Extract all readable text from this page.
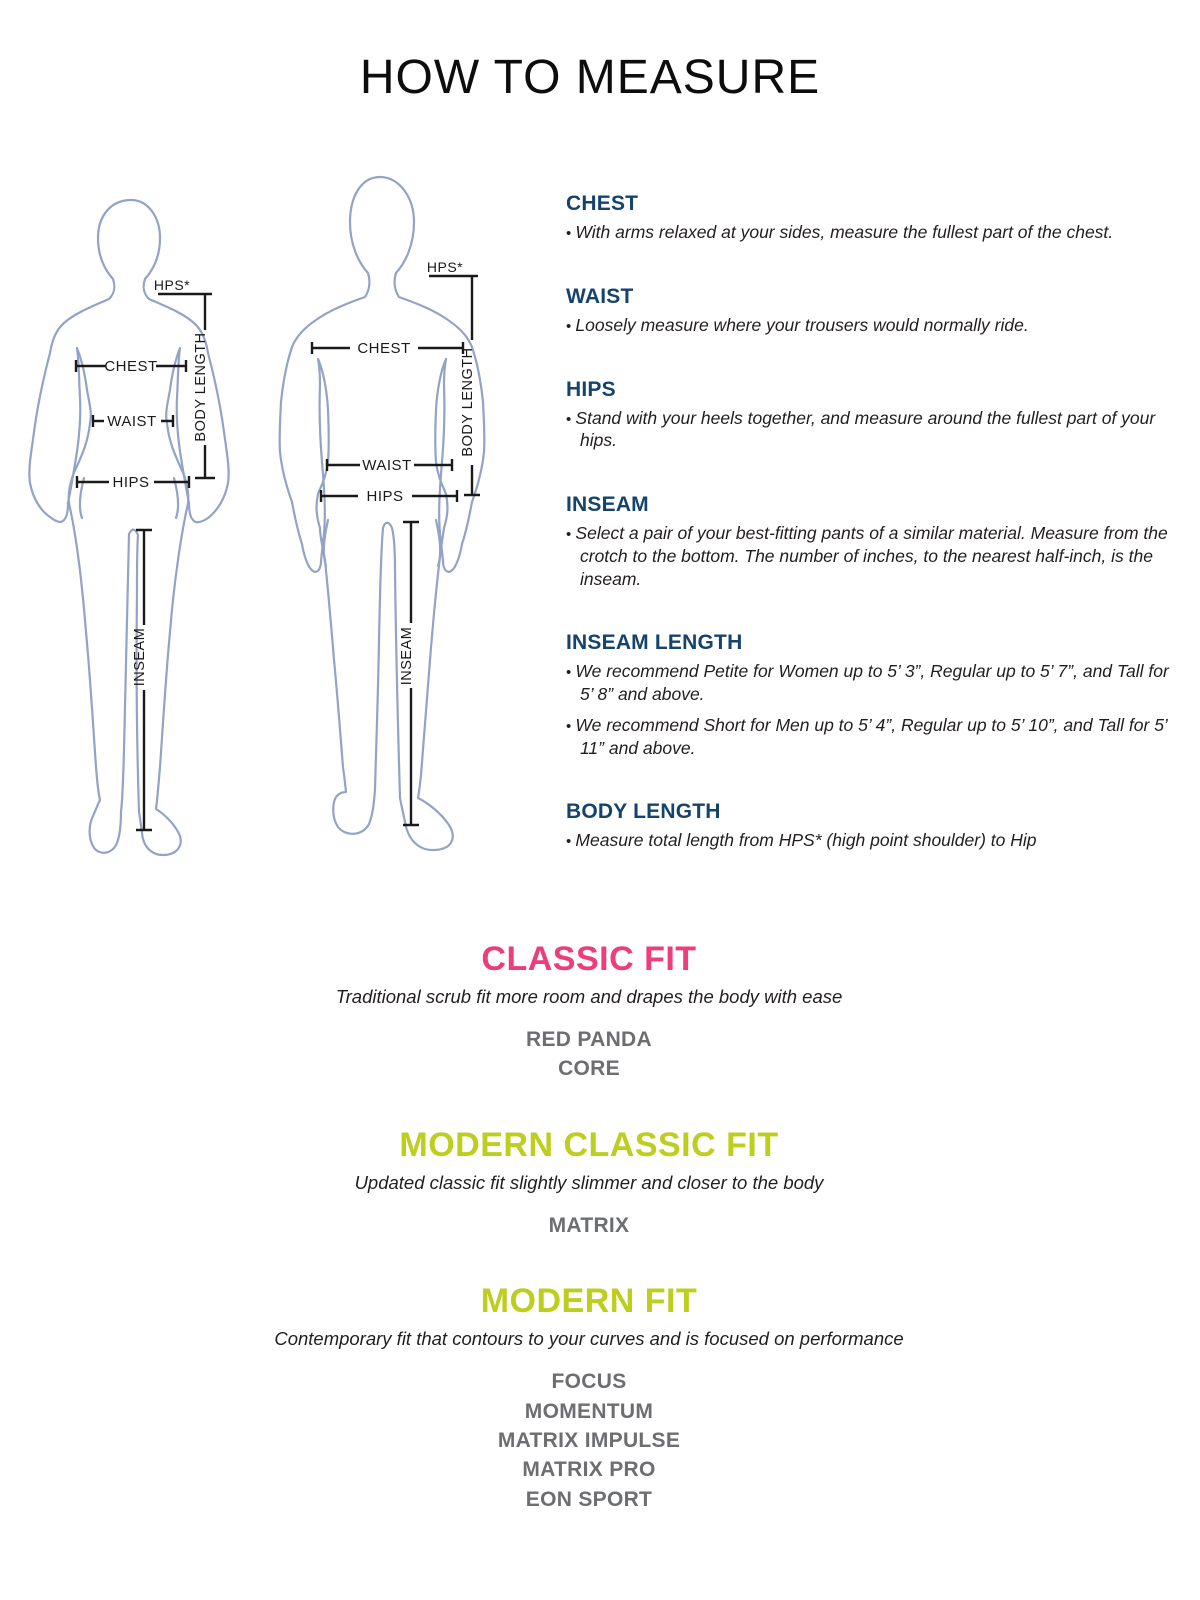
HOW TO MEASURE
HPS*
CHEST
WAIST
HIPS
BODY LENGTH
INSEAM
HPS*
CHEST
WAIST
HIPS
BODY LENGTH
INSEAM
CHEST

• With arms relaxed at your sides, measure the fullest part of the chest.

WAIST

• Loosely measure where your trousers would normally ride.

HIPS

• Stand with your heels together, and measure around the fullest part of your hips.

INSEAM

• Select a pair of your best-fitting pants of a similar material. Measure from the crotch to the bottom. The number of inches, to the nearest half-inch, is the inseam.

INSEAM LENGTH

• We recommend Petite for Women up to 5’ 3”, Regular up to 5’ 7”, and Tall for 5’ 8” and above.

• We recommend Short for Men up to 5’ 4”, Regular up to 5’ 10”, and Tall for 5’ 11” and above.

BODY LENGTH

• Measure total length from HPS* (high point shoulder) to Hip

CLASSIC FIT
Traditional scrub fit more room and drapes the body with ease
RED PANDA
CORE
MODERN CLASSIC FIT
Updated classic fit slightly slimmer and closer to the body
MATRIX
MODERN FIT
Contemporary fit that contours to your curves and is focused on performance
FOCUS
MOMENTUM
MATRIX IMPULSE
MATRIX PRO
EON SPORT
